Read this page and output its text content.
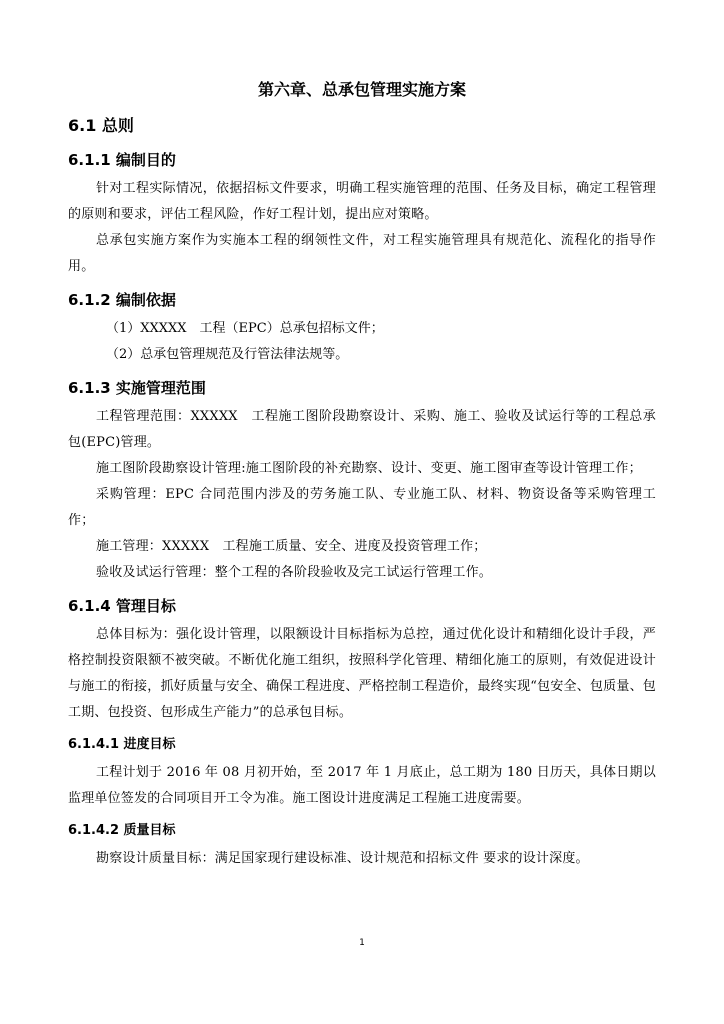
第六章、总承包管理实施方案
6.1 总则
6.1.1 编制目的

针对工程实际情况，依据招标文件要求，明确工程实施管理的范围、任务及目标，确定工程管理的原则和要求，评估工程风险，作好工程计划，提出应对策略。

总承包实施方案作为实施本工程的纲领性文件，对工程实施管理具有规范化、流程化的指导作用。

6.1.2 编制依据

（1）XXXXX　工程（EPC）总承包招标文件；

（2）总承包管理规范及行管法律法规等。

6.1.3 实施管理范围

工程管理范围：XXXXX　工程施工图阶段勘察设计、采购、施工、验收及试运行等的工程总承包(EPC)管理。

施工图阶段勘察设计管理:施工图阶段的补充勘察、设计、变更、施工图审查等设计管理工作；

采购管理：EPC 合同范围内涉及的劳务施工队、专业施工队、材料、物资设备等采购管理工作；

施工管理：XXXXX　工程施工质量、安全、进度及投资管理工作；

验收及试运行管理：整个工程的各阶段验收及完工试运行管理工作。

6.1.4 管理目标

总体目标为：强化设计管理，以限额设计目标指标为总控，通过优化设计和精细化设计手段，严格控制投资限额不被突破。不断优化施工组织，按照科学化管理、精细化施工的原则，有效促进设计与施工的衔接，抓好质量与安全、确保工程进度、严格控制工程造价，最终实现“包安全、包质量、包工期、包投资、包形成生产能力”的总承包目标。

6.1.4.1 进度目标

工程计划于 2016 年 08 月初开始，至 2017 年 1 月底止，总工期为 180 日历天，具体日期以监理单位签发的合同项目开工令为准。施工图设计进度满足工程施工进度需要。

6.1.4.2 质量目标

勘察设计质量目标：满足国家现行建设标准、设计规范和招标文件 要求的设计深度。

1
